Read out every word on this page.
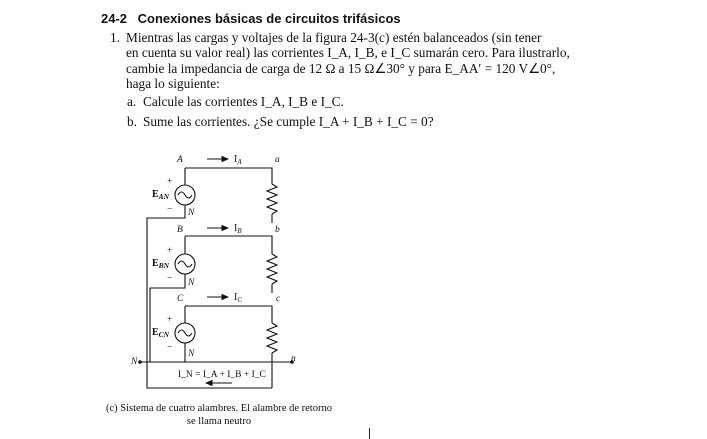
24-2 Conexiones básicas de circuitos trifásicos
1. Mientras las cargas y voltajes de la figura 24-3(c) estén balanceados (sin tener
en cuenta su valor real) las corrientes I_A, I_B, e I_C sumarán cero. Para ilustrarlo,
cambie la impedancia de carga de 12 Ω a 15 Ω∠30° y para E_AA′ = 120 V∠0°,
haga lo siguiente:
a. Calcule las corrientes I_A, I_B e I_C.
b. Sume las corrientes. ¿Se cumple I_A + I_B + I_C = 0?
A	a
B	b
C	c
N	n
+
$E_{AN}$
− N
+
$E_{BN}$
− N
+
$E_{CN}$
−
N
$I_A$
$I_B$
$I_C$
I_N = I_A + I_B + I_C
(c) Sistema de cuatro alambres. El alambre de retorno
se llama neutro
